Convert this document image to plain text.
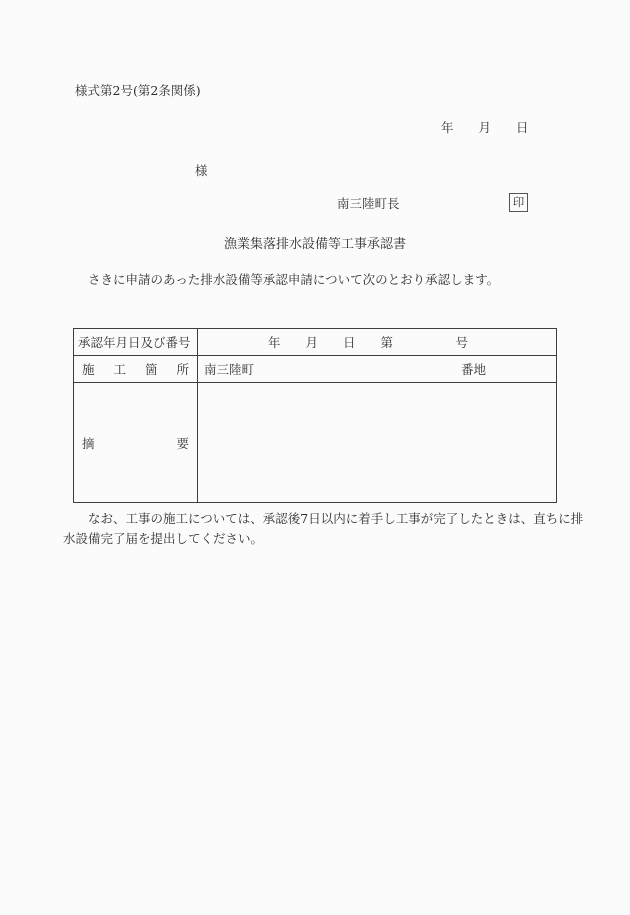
様式第2号(第2条関係)
年　　月　　日
様
南三陸町長	印
漁業集落排水設備等工事承認書
さきに申請のあった排水設備等承認申請について次のとおり承認します。
承認年月日及び番号	年　　月　　日　　第　　　　　号

施 工 箇 所	南三陸町 番地

摘 要	

なお、工事の施工については、承認後7日以内に着手し工事が完了したときは、直ちに排
水設備完了届を提出してください。
